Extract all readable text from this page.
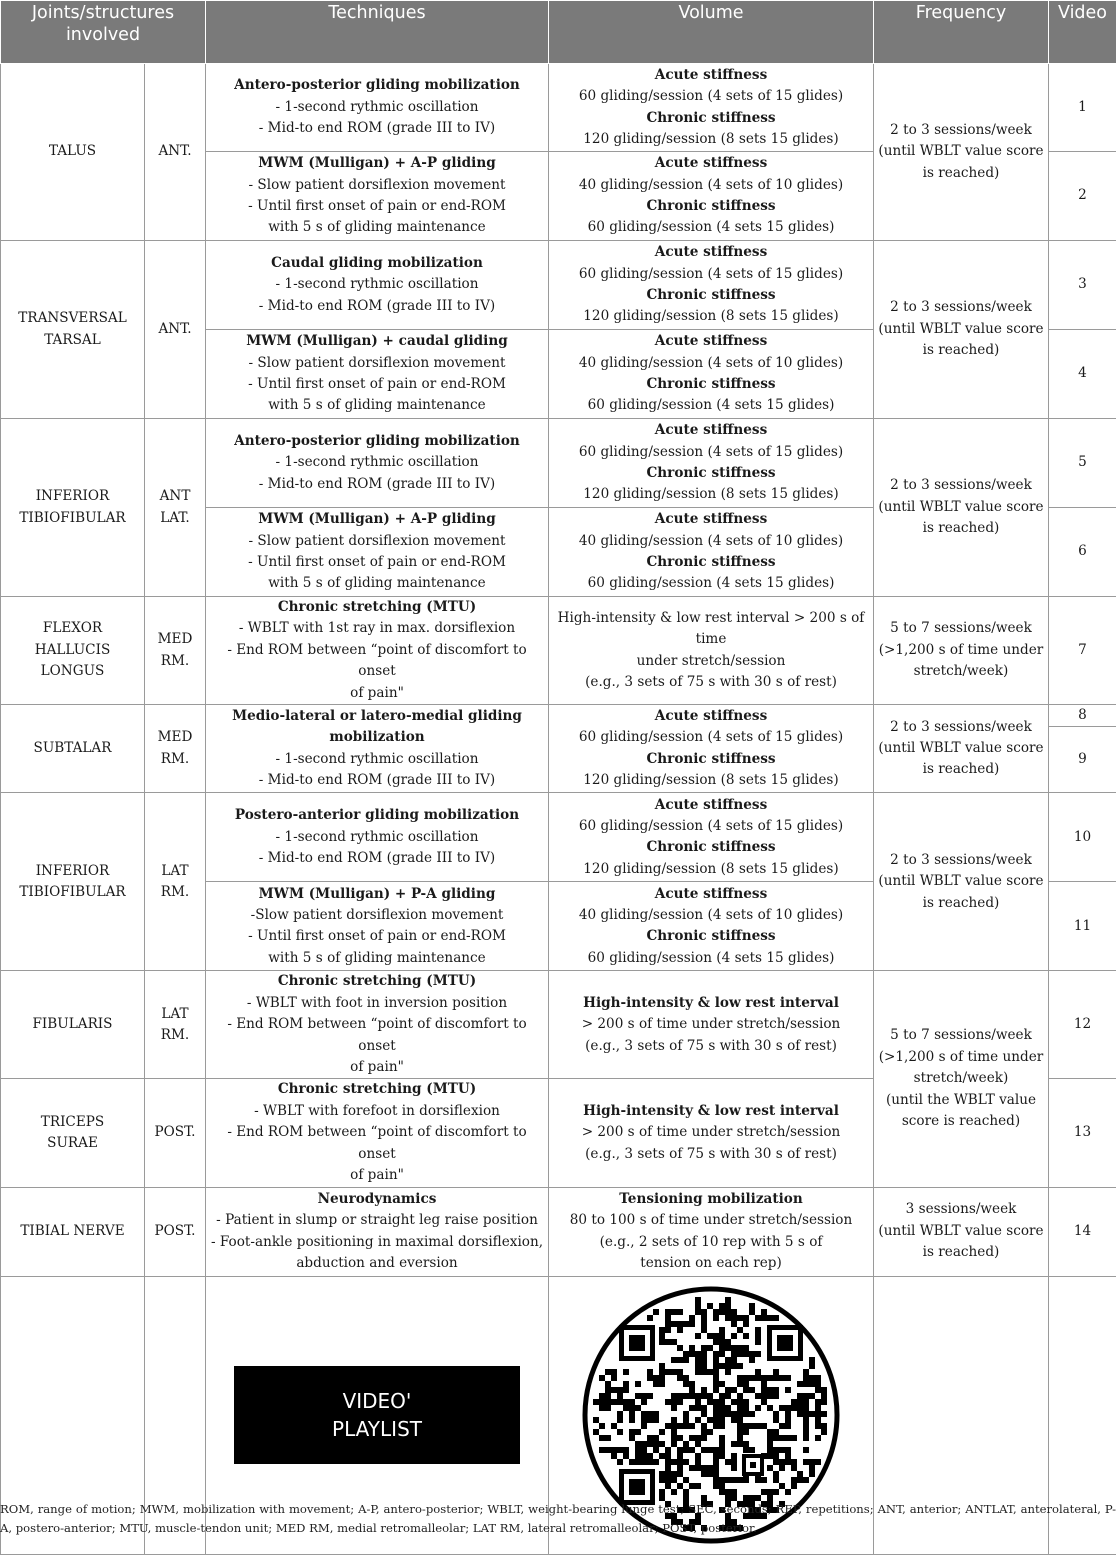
Joints/structures involved		Techniques	Volume	Frequency	Video

TALUS	ANT.	Antero-posterior gliding mobilization
- 1-second rythmic oscillation
- Mid-to end ROM (grade III to IV)	Acute stiffness
60 gliding/session (4 sets of 15 glides)
Chronic stiffness
120 gliding/session (8 sets 15 glides)	2 to 3 sessions/week
(until WBLT value score
is reached)	1

		MWM (Mulligan) + A-P gliding
- Slow patient dorsiflexion movement
- Until first onset of pain or end-ROM
with 5 s of gliding maintenance	Acute stiffness
40 gliding/session (4 sets of 10 glides)
Chronic stiffness
60 gliding/session (4 sets 15 glides)		2

TRANSVERSAL
TARSAL	ANT.	Caudal gliding mobilization
- 1-second rythmic oscillation
- Mid-to end ROM (grade III to IV)	Acute stiffness
60 gliding/session (4 sets of 15 glides)
Chronic stiffness
120 gliding/session (8 sets 15 glides)	2 to 3 sessions/week
(until WBLT value score
is reached)	3

		MWM (Mulligan) + caudal gliding
- Slow patient dorsiflexion movement
- Until first onset of pain or end-ROM
with 5 s of gliding maintenance	Acute stiffness
40 gliding/session (4 sets of 10 glides)
Chronic stiffness
60 gliding/session (4 sets 15 glides)		4

INFERIOR
TIBIOFIBULAR	ANT
LAT.	Antero-posterior gliding mobilization
- 1-second rythmic oscillation
- Mid-to end ROM (grade III to IV)	Acute stiffness
60 gliding/session (4 sets of 15 glides)
Chronic stiffness
120 gliding/session (8 sets 15 glides)	2 to 3 sessions/week
(until WBLT value score
is reached)	5

		MWM (Mulligan) + A-P gliding
- Slow patient dorsiflexion movement
- Until first onset of pain or end-ROM
with 5 s of gliding maintenance	Acute stiffness
40 gliding/session (4 sets of 10 glides)
Chronic stiffness
60 gliding/session (4 sets 15 glides)		6

FLEXOR
HALLUCIS
LONGUS	MED
RM.	Chronic stretching (MTU)
- WBLT with 1st ray in max. dorsiflexion
- End ROM between “point of discomfort to onset
of pain"	High-intensity & low rest interval > 200 s of time
under stretch/session
(e.g., 3 sets of 75 s with 30 s of rest)	5 to 7 sessions/week
(>1,200 s of time under
stretch/week)	7

SUBTALAR	MED
RM.	Medio-lateral or latero-medial gliding
mobilization
- 1-second rythmic oscillation
- Mid-to end ROM (grade III to IV)	Acute stiffness
60 gliding/session (4 sets of 15 glides)
Chronic stiffness
120 gliding/session (8 sets 15 glides)	2 to 3 sessions/week
(until WBLT value score
is reached)	8
					9

INFERIOR
TIBIOFIBULAR	LAT
RM.	Postero-anterior gliding mobilization
- 1-second rythmic oscillation
- Mid-to end ROM (grade III to IV)	Acute stiffness
60 gliding/session (4 sets of 15 glides)
Chronic stiffness
120 gliding/session (8 sets 15 glides)	2 to 3 sessions/week
(until WBLT value score
is reached)	10

		MWM (Mulligan) + P-A gliding
-Slow patient dorsiflexion movement
- Until first onset of pain or end-ROM
with 5 s of gliding maintenance	Acute stiffness
40 gliding/session (4 sets of 10 glides)
Chronic stiffness
60 gliding/session (4 sets 15 glides)		11

FIBULARIS	LAT
RM.	Chronic stretching (MTU)
- WBLT with foot in inversion position
- End ROM between “point of discomfort to onset
of pain"	High-intensity & low rest interval
> 200 s of time under stretch/session
(e.g., 3 sets of 75 s with 30 s of rest)	5 to 7 sessions/week
(>1,200 s of time under
stretch/week)
(until the WBLT value
score is reached)	12

TRICEPS
SURAE	POST.	Chronic stretching (MTU)
- WBLT with forefoot in dorsiflexion
- End ROM between “point of discomfort to onset
of pain"	High-intensity & low rest interval
> 200 s of time under stretch/session
(e.g., 3 sets of 75 s with 30 s of rest)		13

TIBIAL NERVE	POST.	Neurodynamics
- Patient in slump or straight leg raise position
- Foot-ankle positioning in maximal dorsiflexion,
abduction and eversion	Tensioning mobilization
80 to 100 s of time under stretch/session
(e.g., 2 sets of 10 rep with 5 s of
tension on each rep)	3 sessions/week
(until WBLT value score
is reached)	14

		VIDEO'
PLAYLIST

ROM, range of motion; MWM, mobilization with movement; A-P, antero-posterior; WBLT, weight-bearing lunge test; SEC, seconds; REP, repetitions; ANT, anterior; ANTLAT, anterolateral, P-A, postero-anterior; MTU, muscle-tendon unit; MED RM, medial retromalleolar; LAT RM, lateral retromalleolar; POST, posterior.
